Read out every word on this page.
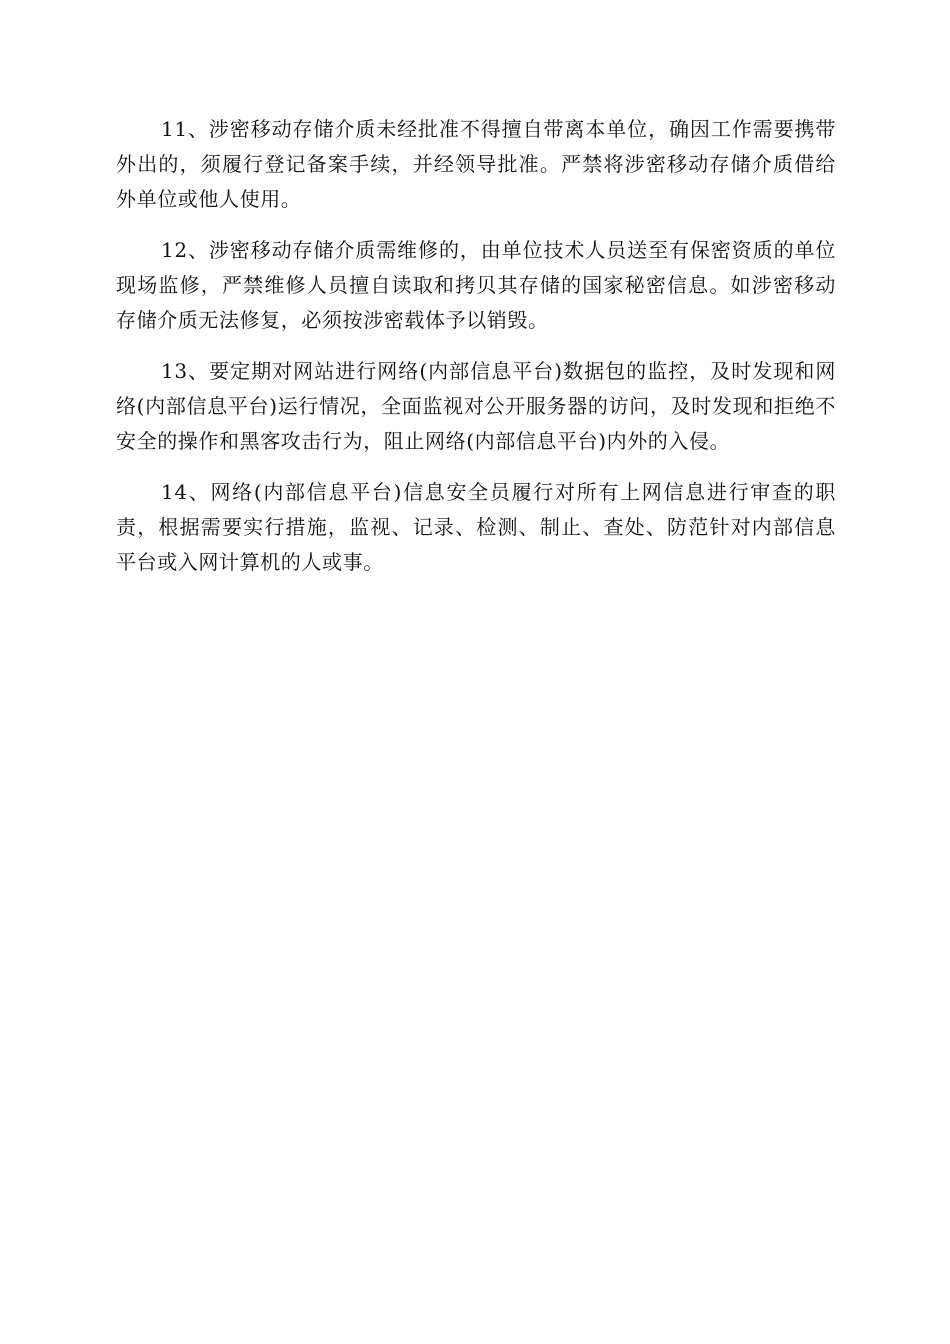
11、涉密移动存储介质未经批准不得擅自带离本单位，确因工作需要携带外出的，须履行登记备案手续，并经领导批准。严禁将涉密移动存储介质借给外单位或他人使用。

12、涉密移动存储介质需维修的，由单位技术人员送至有保密资质的单位现场监修，严禁维修人员擅自读取和拷贝其存储的国家秘密信息。如涉密移动存储介质无法修复，必须按涉密载体予以销毁。

13、要定期对网站进行网络(内部信息平台)数据包的监控，及时发现和网络(内部信息平台)运行情况，全面监视对公开服务器的访问，及时发现和拒绝不安全的操作和黑客攻击行为，阻止网络(内部信息平台)内外的入侵。

14、网络(内部信息平台)信息安全员履行对所有上网信息进行审查的职责，根据需要实行措施，监视、记录、检测、制止、查处、防范针对内部信息平台或入网计算机的人或事。
